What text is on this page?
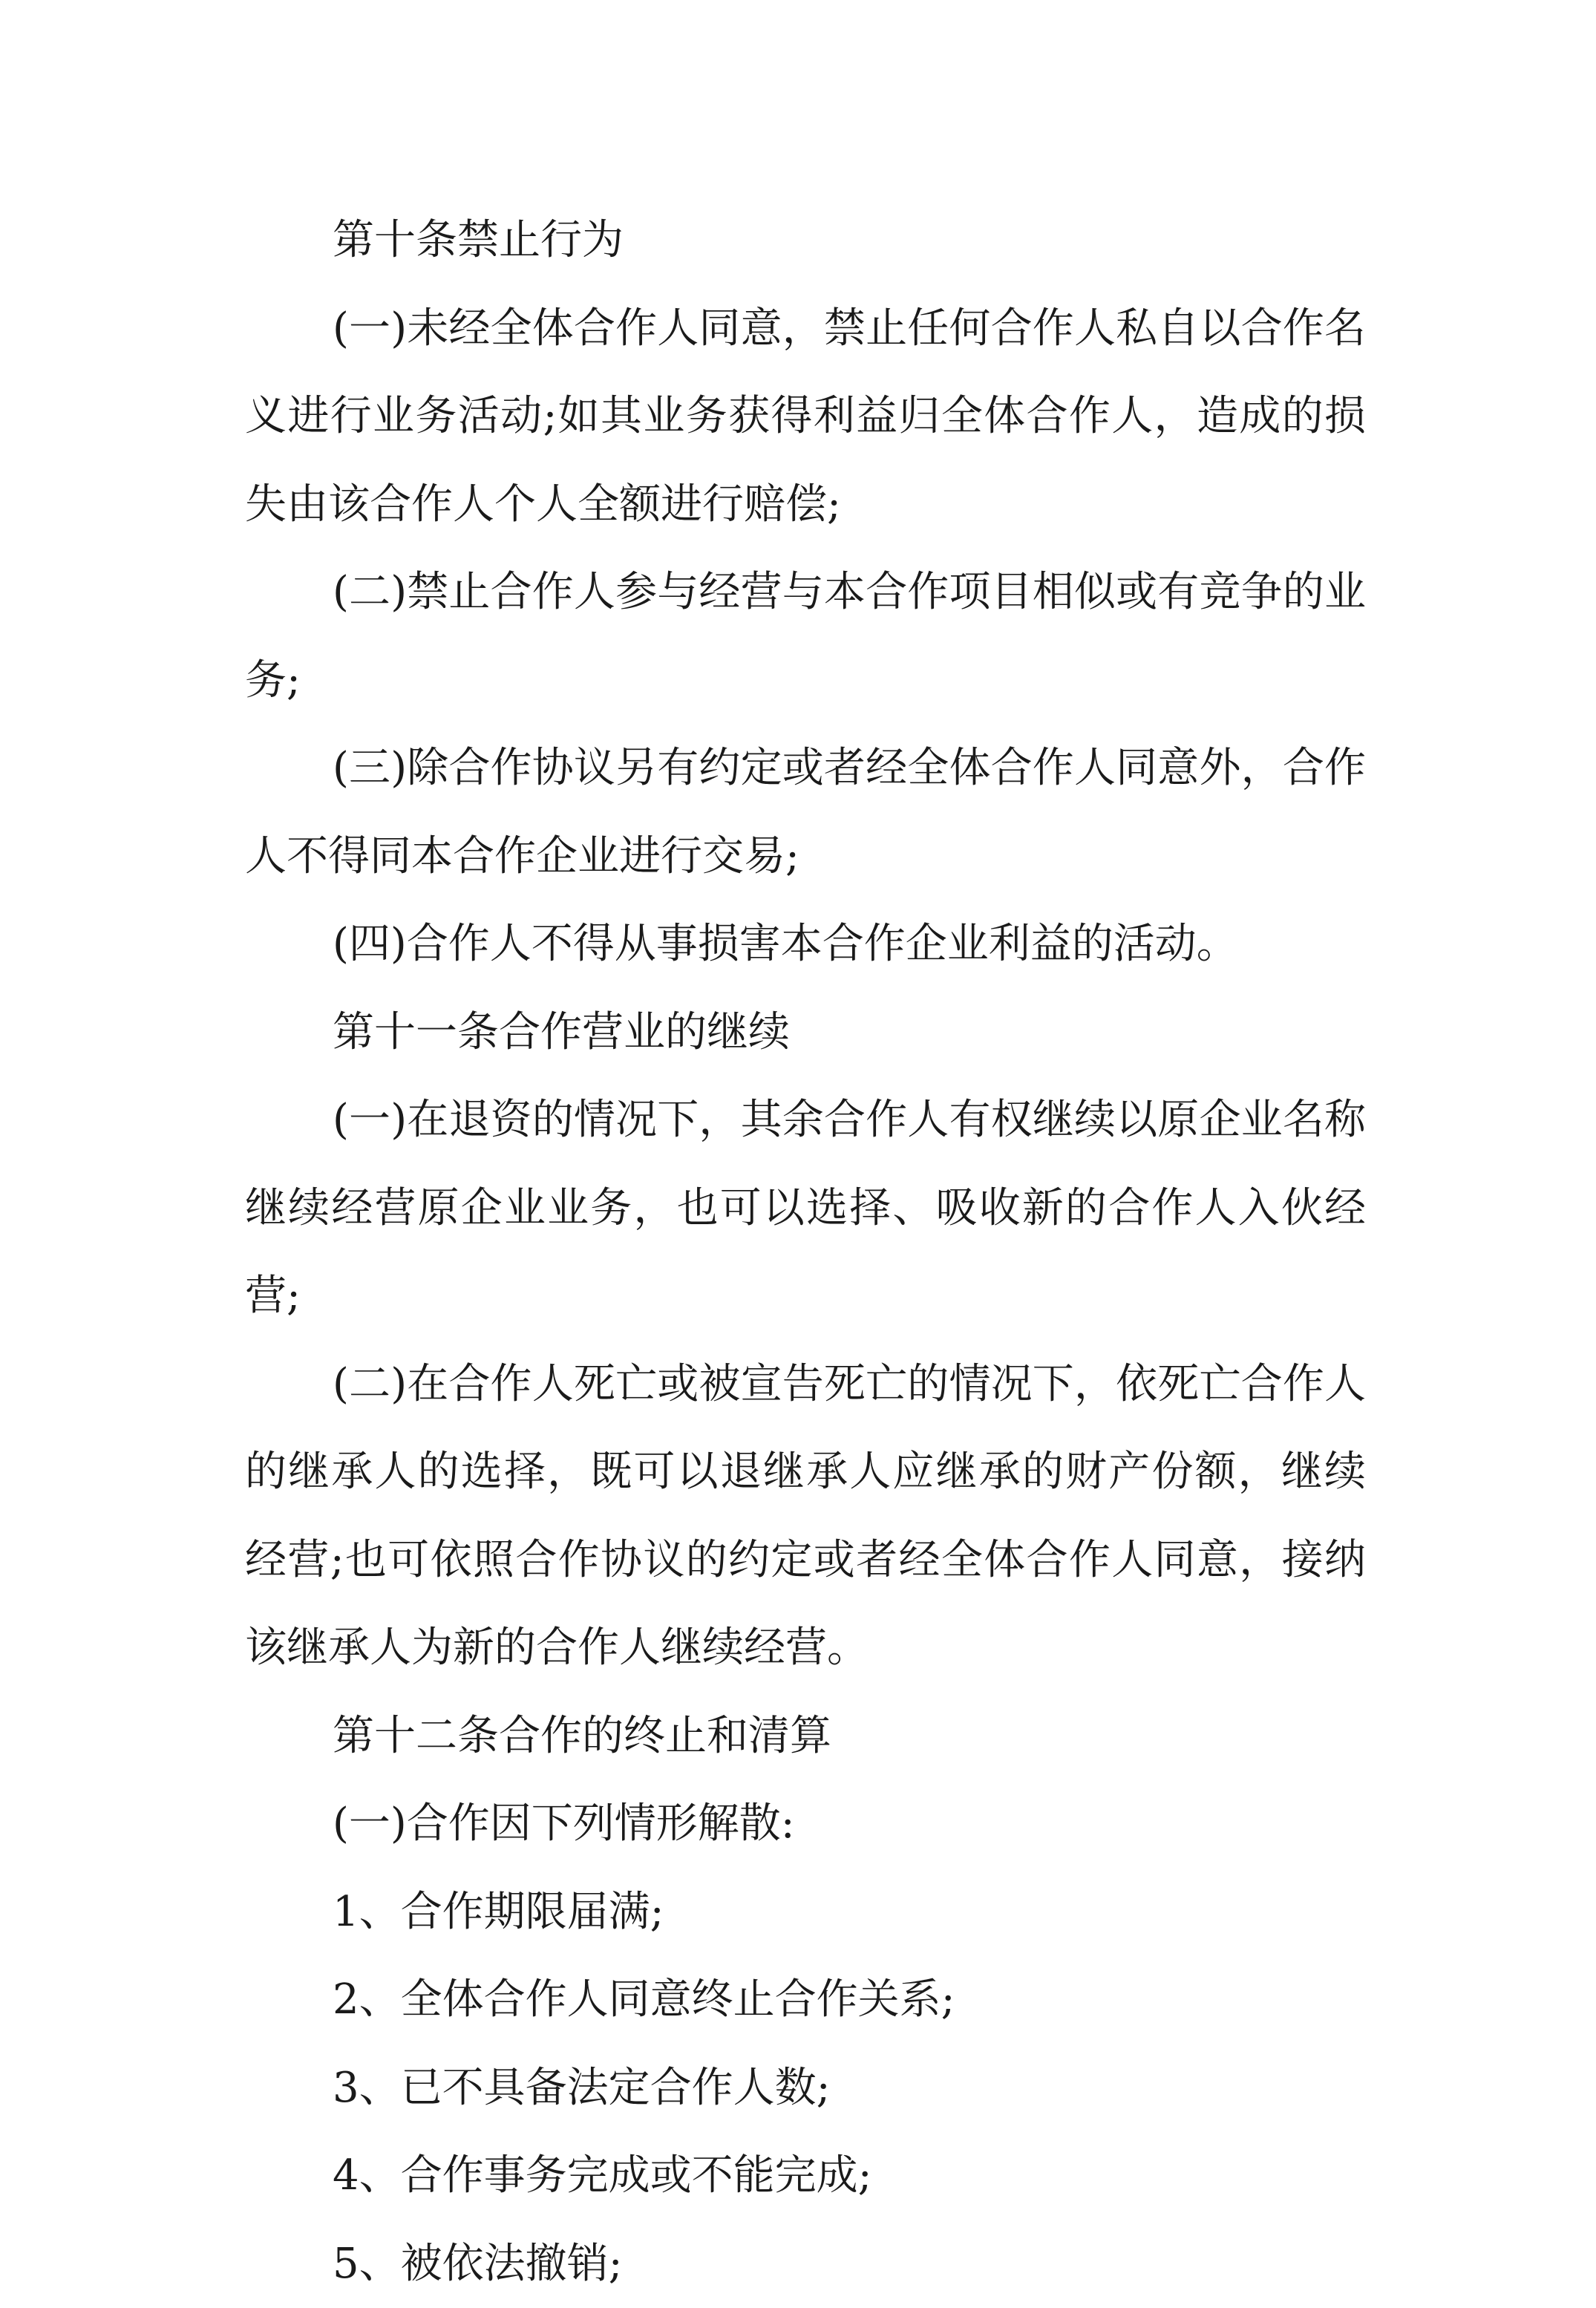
第十条禁止行为

(一)未经全体合作人同意，禁止任何合作人私自以合作名义进行业务活动;如其业务获得利益归全体合作人，造成的损失由该合作人个人全额进行赔偿;

(二)禁止合作人参与经营与本合作项目相似或有竞争的业务;

(三)除合作协议另有约定或者经全体合作人同意外，合作人不得同本合作企业进行交易;

(四)合作人不得从事损害本合作企业利益的活动。

第十一条合作营业的继续

(一)在退资的情况下，其余合作人有权继续以原企业名称继续经营原企业业务，也可以选择、吸收新的合作人入伙经营;

(二)在合作人死亡或被宣告死亡的情况下，依死亡合作人的继承人的选择，既可以退继承人应继承的财产份额，继续经营;也可依照合作协议的约定或者经全体合作人同意，接纳该继承人为新的合作人继续经营。

第十二条合作的终止和清算

(一)合作因下列情形解散:

1、合作期限届满;

2、全体合作人同意终止合作关系;

3、已不具备法定合作人数;

4、合作事务完成或不能完成;

5、被依法撤销;
